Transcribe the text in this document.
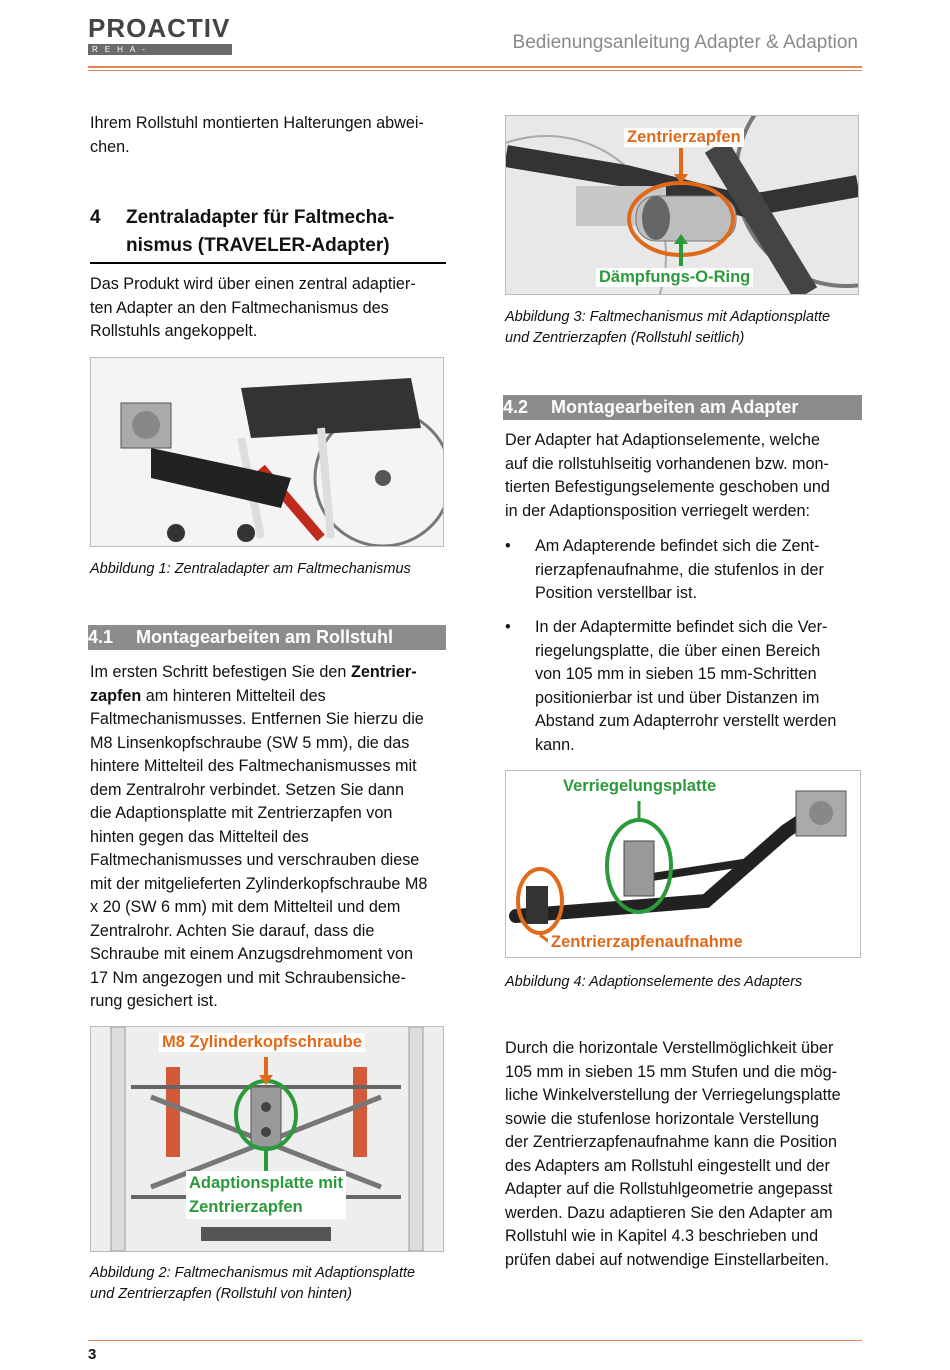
PROACTIV
REHA-TECHNIK
Bedienungsanleitung Adapter & Adaption
Ihrem Rollstuhl montierten Halterungen abwei-
chen.
4 Zentraladapter für Faltmecha-
nismus (TRAVELER-Adapter)
Das Produkt wird über einen zentral adaptier-
ten Adapter an den Faltmechanismus des
Rollstuhls angekoppelt.
Abbildung 1: Zentraladapter am Faltmechanismus
4.1 Montagearbeiten am Rollstuhl
Im ersten Schritt befestigen Sie den Zentrier-
zapfen am hinteren Mittelteil des
Faltmechanismusses. Entfernen Sie hierzu die
M8 Linsenkopfschraube (SW 5 mm), die das
hintere Mittelteil des Faltmechanismusses mit
dem Zentralrohr verbindet. Setzen Sie dann
die Adaptionsplatte mit Zentrierzapfen von
hinten gegen das Mittelteil des
Faltmechanismusses und verschrauben diese
mit der mitgelieferten Zylinderkopfschraube M8
x 20 (SW 6 mm) mit dem Mittelteil und dem
Zentralrohr. Achten Sie darauf, dass die
Schraube mit einem Anzugsdrehmoment von
17 Nm angezogen und mit Schraubensiche-
rung gesichert ist.
M8 Zylinderkopfschraube
Adaptionsplatte mit
Zentrierzapfen
Abbildung 2: Faltmechanismus mit Adaptionsplatte
und Zentrierzapfen (Rollstuhl von hinten)
Zentrierzapfen
Dämpfungs-O-Ring
Abbildung 3: Faltmechanismus mit Adaptionsplatte
und Zentrierzapfen (Rollstuhl seitlich)
4.2 Montagearbeiten am Adapter
Der Adapter hat Adaptionselemente, welche
auf die rollstuhlseitig vorhandenen bzw. mon-
tierten Befestigungselemente geschoben und
in der Adaptionsposition verriegelt werden:
• Am Adapterende befindet sich die Zent-
rierzapfenaufnahme, die stufenlos in der
Position verstellbar ist.
• In der Adaptermitte befindet sich die Ver-
riegelungsplatte, die über einen Bereich
von 105 mm in sieben 15 mm-Schritten
positionierbar ist und über Distanzen im
Abstand zum Adapterrohr verstellt werden
kann.
Verriegelungsplatte
Zentrierzapfenaufnahme
Abbildung 4: Adaptionselemente des Adapters
Durch die horizontale Verstellmöglichkeit über
105 mm in sieben 15 mm Stufen und die mög-
liche Winkelverstellung der Verriegelungsplatte
sowie die stufenlose horizontale Verstellung
der Zentrierzapfenaufnahme kann die Position
des Adapters am Rollstuhl eingestellt und der
Adapter auf die Rollstuhlgeometrie angepasst
werden. Dazu adaptieren Sie den Adapter am
Rollstuhl wie in Kapitel 4.3 beschrieben und
prüfen dabei auf notwendige Einstellarbeiten.
3
